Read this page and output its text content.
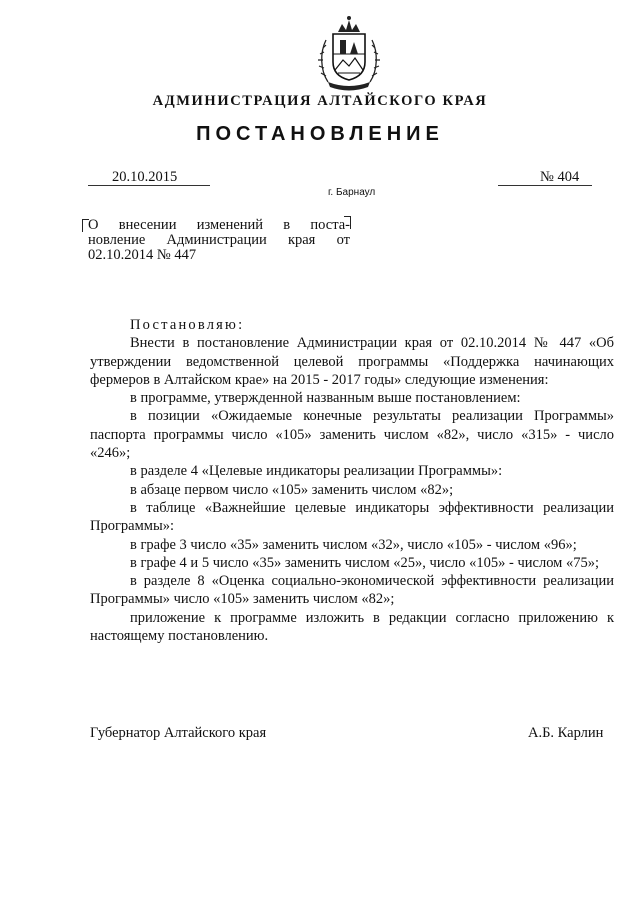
АДМИНИСТРАЦИЯ АЛТАЙСКОГО КРАЯ
ПОСТАНОВЛЕНИЕ
20.10.2015	№ 404
г. Барнаул
О внесении изменений в поста-
новление Администрации края от
02.10.2014 № 447

Постановляю:

Внести в постановление Администрации края от 02.10.2014 № 447 «Об утверждении ведомственной целевой программы «Поддержка начинающих фермеров в Алтайском крае» на 2015 - 2017 годы» следующие изменения:

в программе, утвержденной названным выше постановлением:

в позиции «Ожидаемые конечные результаты реализации Программы» паспорта программы число «105» заменить числом «82», число «315» - число «246»;

в разделе 4 «Целевые индикаторы реализации Программы»:

в абзаце первом число «105» заменить числом «82»;

в таблице «Важнейшие целевые индикаторы эффективности реализации Программы»:

в графе 3 число «35» заменить числом «32», число «105» - числом «96»;

в графе 4 и 5 число «35» заменить числом «25», число «105» - числом «75»;

в разделе 8 «Оценка социально-экономической эффективности реализации Программы» число «105» заменить числом «82»;

приложение к программе изложить в редакции согласно приложению к настоящему постановлению.

Губернатор Алтайского края	А.Б. Карлин
